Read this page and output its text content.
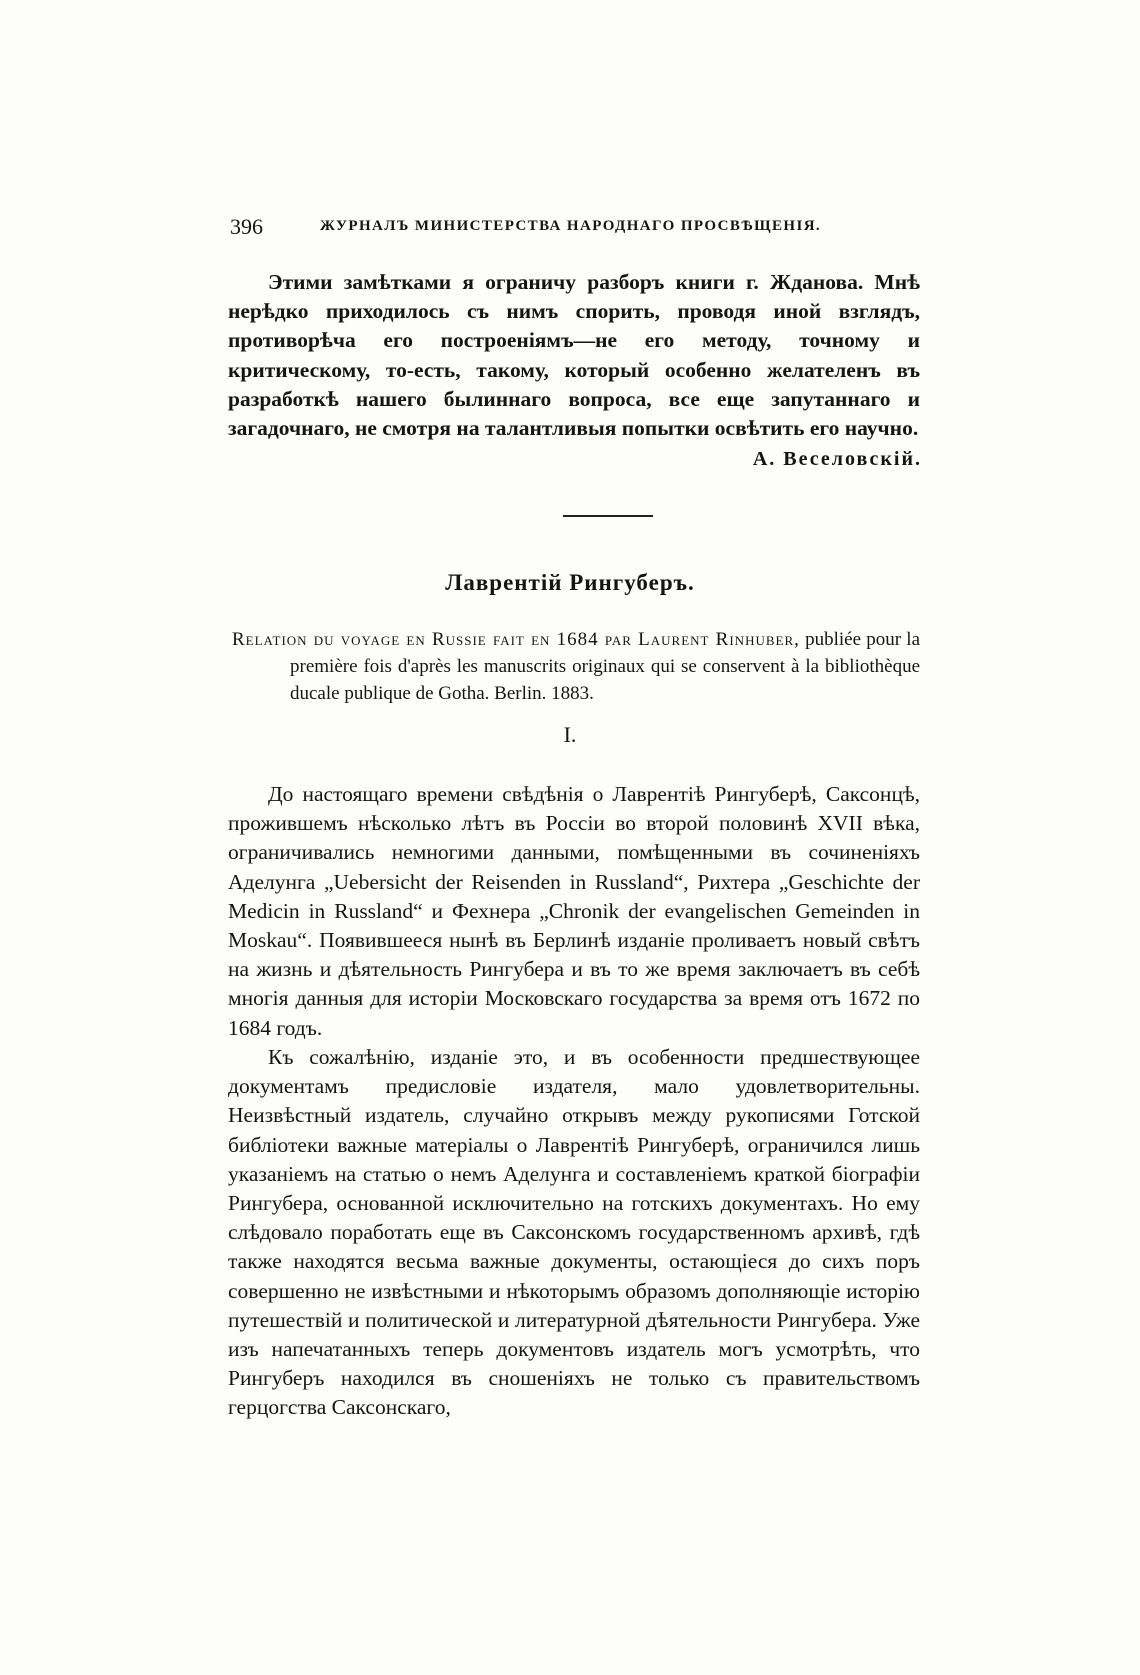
396	ЖУРНАЛЪ МИНИСТЕРСТВА НАРОДНАГО ПРОСВѢЩЕНІЯ.

Этими замѣтками я ограничу разборъ книги г. Жданова. Мнѣ нерѣдко приходилось съ нимъ спорить, проводя иной взглядъ, противорѣча его построеніямъ—не его методу, точному и критическому, то-есть, такому, который особенно желателенъ въ разработкѣ нашего былиннаго вопроса, все еще запутаннаго и загадочнаго, не смотря на талантливыя попытки освѣтить его научно.

А. Веселовскій.
Лаврентій Рингуберъ.
Relation du voyage en Russie fait en 1684 par Laurent Rinhuber, publiée pour la première fois d'après les manuscrits originaux qui se conservent à la bibliothèque ducale publique de Gotha. Berlin. 1883.
I.

До настоящаго времени свѣдѣнія о Лаврентіѣ Рингуберѣ, Саксонцѣ, прожившемъ нѣсколько лѣтъ въ Россіи во второй половинѣ XVII вѣка, ограничивались немногими данными, помѣщенными въ сочиненіяхъ Аделунга „Uebersicht der Reisenden in Russland“, Рихтера „Geschichte der Medicin in Russland“ и Фехнера „Chronik der evangelischen Gemeinden in Moskau“. Появившееся нынѣ въ Берлинѣ изданіе проливаетъ новый свѣтъ на жизнь и дѣятельность Рингубера и въ то же время заключаетъ въ себѣ многія данныя для исторіи Московскаго государства за время отъ 1672 по 1684 годъ.

Къ сожалѣнію, изданіе это, и въ особенности предшествующее документамъ предисловіе издателя, мало удовлетворительны. Неизвѣстный издатель, случайно открывъ между рукописями Готской библіотеки важные матеріалы о Лаврентіѣ Рингуберѣ, ограничился лишь указаніемъ на статью о немъ Аделунга и составленіемъ краткой біографіи Рингубера, основанной исключительно на готскихъ документахъ. Но ему слѣдовало поработать еще въ Саксонскомъ государственномъ архивѣ, гдѣ также находятся весьма важные документы, остающіеся до сихъ поръ совершенно не извѣстными и нѣкоторымъ образомъ дополняющіе исторію путешествій и политической и литературной дѣятельности Рингубера. Уже изъ напечатанныхъ теперь документовъ издатель могъ усмотрѣть, что Рингуберъ находился въ сношеніяхъ не только съ правительствомъ герцогства Саксонскаго,
